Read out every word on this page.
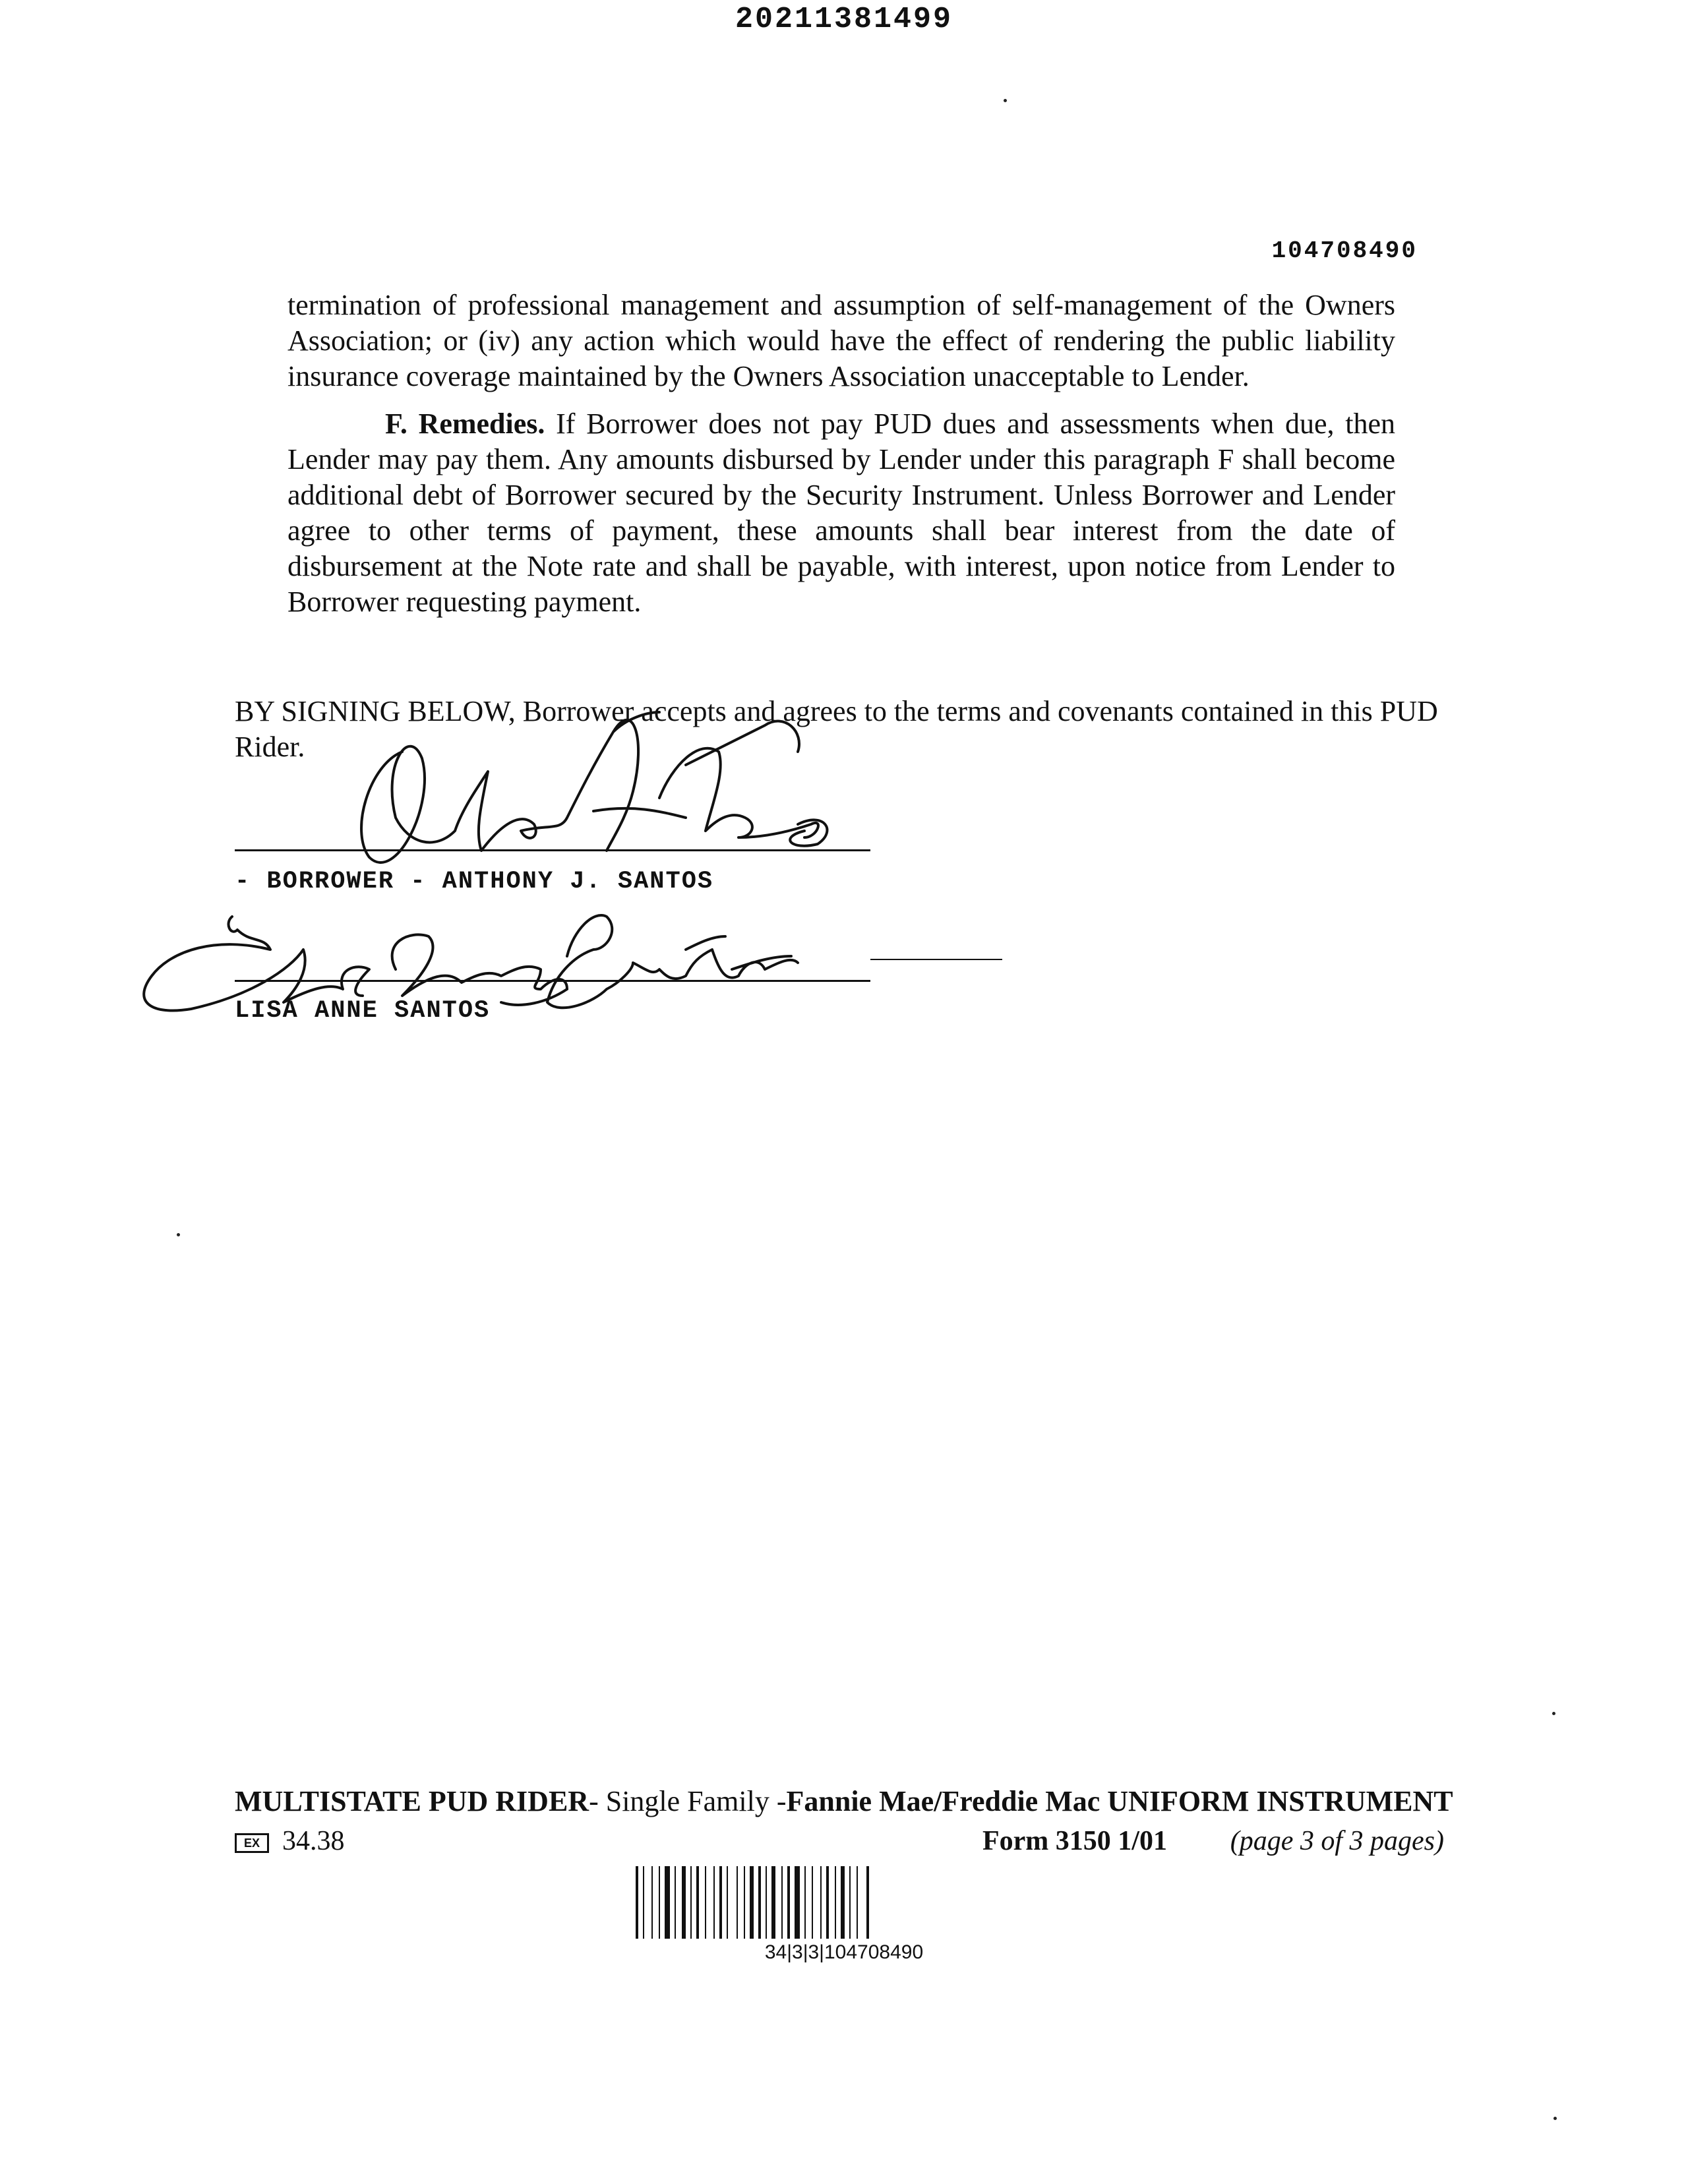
20211381499
104708490

termination of professional management and assumption of self-management of the Owners Association; or (iv) any action which would have the effect of rendering the public liability insurance coverage maintained by the Owners Association unacceptable to Lender.

F. Remedies. If Borrower does not pay PUD dues and assessments when due, then Lender may pay them. Any amounts disbursed by Lender under this paragraph F shall become additional debt of Borrower secured by the Security Instrument. Unless Borrower and Lender agree to other terms of payment, these amounts shall bear interest from the date of disbursement at the Note rate and shall be payable, with interest, upon notice from Lender to Borrower requesting payment.

BY SIGNING BELOW, Borrower accepts and agrees to the terms and covenants contained in this PUD Rider.
- BORROWER - ANTHONY J. SANTOS
LISA ANNE SANTOS
MULTISTATE PUD RIDER- Single Family -Fannie Mae/Freddie Mac UNIFORM INSTRUMENT
EX 34.38	Form 3150 1/01 (page 3 of 3 pages)
34|3|3|104708490
